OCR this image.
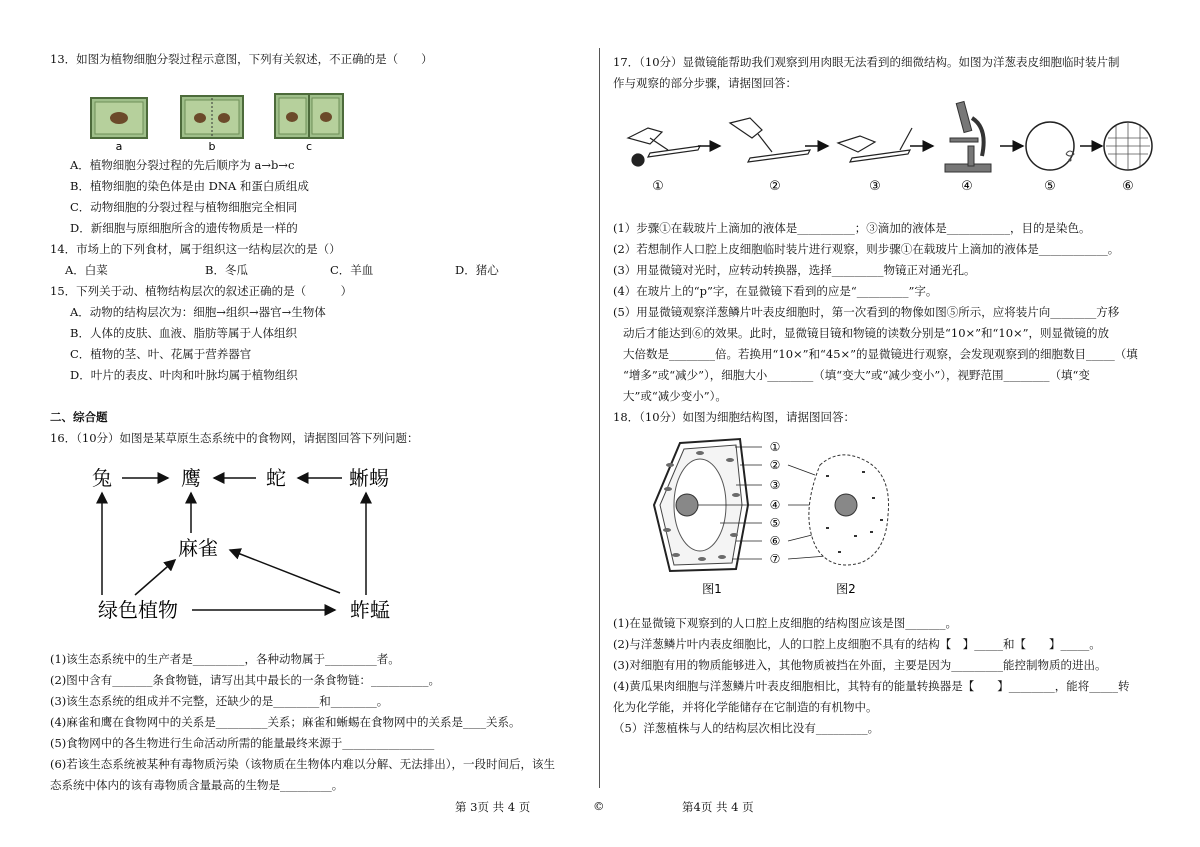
13．如图为植物细胞分裂过程示意图，下列有关叙述，不正确的是（　　）
a	b	c
A．植物细胞分裂过程的先后顺序为 a→b→c
B．植物细胞的染色体是由 DNA 和蛋白质组成
C．动物细胞的分裂过程与植物细胞完全相同
D．新细胞与原细胞所含的遗传物质是一样的
14．市场上的下列食材，属于组织这一结构层次的是（）
A．白菜	B．冬瓜	C．羊血	D．猪心
15．下列关于动、植物结构层次的叙述正确的是（　　　）
A．动物的结构层次为：细胞→组织→器官→生物体
B．人体的皮肤、血液、脂肪等属于人体组织
C．植物的茎、叶、花属于营养器官
D．叶片的表皮、叶肉和叶脉均属于植物组织
二、综合题
16．（10分）如图是某草原生态系统中的食物网，请据图回答下列问题：
兔	鹰	蛇	蜥蜴
麻雀
绿色植物	蚱蜢
(1)该生态系统中的生产者是_________，各种动物属于_________者。
(2)图中含有_______条食物链，请写出其中最长的一条食物链：__________。
(3)该生态系统的组成并不完整，还缺少的是________和________。
(4)麻雀和鹰在食物网中的关系是_________关系；麻雀和蜥蜴在食物网中的关系是____关系。
(5)食物网中的各生物进行生命活动所需的能量最终来源于________________
(6)若该生态系统被某种有毒物质污染（该物质在生物体内难以分解、无法排出），一段时间后，该生
态系统中体内的该有毒物质含量最高的生物是_________。
第 3页 共 4 页	©
17．（10分）显微镜能帮助我们观察到用肉眼无法看到的细微结构。如图为洋葱表皮细胞临时装片制
作与观察的部分步骤，请据图回答：
①	②	③	④	⑤	⑥
(1）步骤①在载玻片上滴加的液体是__________；③滴加的液体是___________，目的是染色。
(2）若想制作人口腔上皮细胞临时装片进行观察，则步骤①在载玻片上滴加的液体是____________。
(3）用显微镜对光时，应转动转换器，选择_________物镜正对通光孔。
(4）在玻片上的“p”字，在显微镜下看到的应是“_________”字。
(5）用显微镜观察洋葱鳞片叶表皮细胞时，第一次看到的物像如图⑤所示，应将装片向________方移
动后才能达到⑥的效果。此时，显微镜目镜和物镜的读数分别是“10×”和“10×”，则显微镜的放
大倍数是________倍。若换用“10×”和“45×”的显微镜进行观察，会发现观察到的细胞数目_____（填
“增多”或“减少”），细胞大小________（填“变大”或“减少变小”），视野范围________（填“变
大”或“减少变小”）。
18．（10分）如图为细胞结构图，请据图回答：
①
②
③
④
⑤
⑥
⑦
图1	图2
(1)在显微镜下观察到的人口腔上皮细胞的结构图应该是图_______。
(2)与洋葱鳞片叶内表皮细胞比，人的口腔上皮细胞不具有的结构【　】_____和【　　】_____。
(3)对细胞有用的物质能够进入，其他物质被挡在外面，主要是因为_________能控制物质的进出。
(4)黄瓜果肉细胞与洋葱鳞片叶表皮细胞相比，其特有的能量转换器是【　　】________，能将_____转
化为化学能，并将化学能储存在它制造的有机物中。
（5）洋葱植株与人的结构层次相比没有_________。
第4页 共 4 页
